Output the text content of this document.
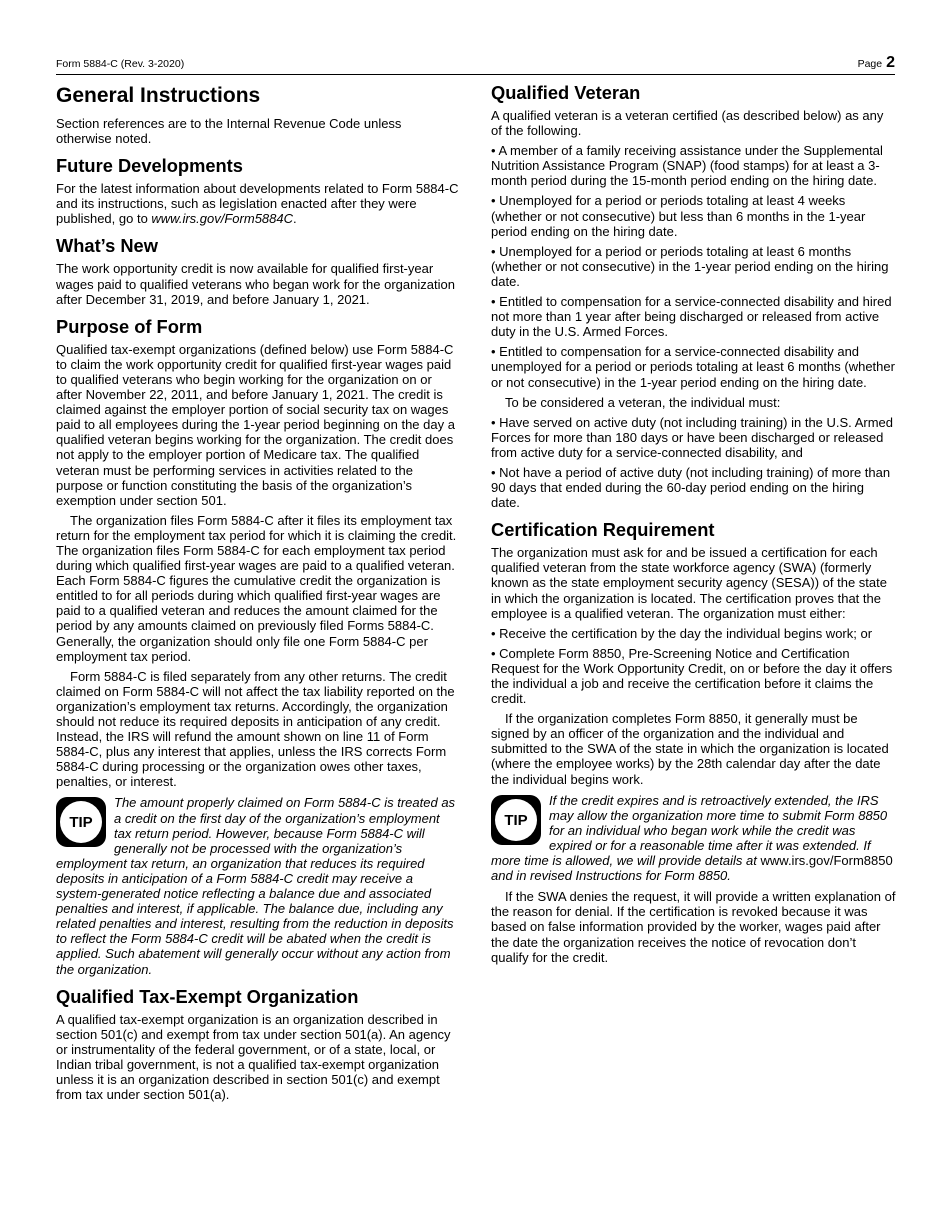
Form 5884-C (Rev. 3-2020)	Page 2
General Instructions

Section references are to the Internal Revenue Code unless otherwise noted.

Future Developments

For the latest information about developments related to Form 5884-C and its instructions, such as legislation enacted after they were published, go to www.irs.gov/Form5884C.

What’s New

The work opportunity credit is now available for qualified first-year wages paid to qualified veterans who began work for the organization after December 31, 2019, and before January 1, 2021.

Purpose of Form

Qualified tax-exempt organizations (defined below) use Form 5884-C to claim the work opportunity credit for qualified first-year wages paid to qualified veterans who begin working for the organization on or after November 22, 2011, and before January 1, 2021. The credit is claimed against the employer portion of social security tax on wages paid to all employees during the 1-year period beginning on the day a qualified veteran begins working for the organization. The credit does not apply to the employer portion of Medicare tax. The qualified veteran must be performing services in activities related to the purpose or function constituting the basis of the organization’s exemption under section 501.

The organization files Form 5884-C after it files its employment tax return for the employment tax period for which it is claiming the credit. The organization files Form 5884-C for each employment tax period during which qualified first-year wages are paid to a qualified veteran. Each Form 5884-C figures the cumulative credit the organization is entitled to for all periods during which qualified first-year wages are paid to a qualified veteran and reduces the amount claimed for the period by any amounts claimed on previously filed Forms 5884-C. Generally, the organization should only file one Form 5884-C per employment tax period.

Form 5884-C is filed separately from any other returns. The credit claimed on Form 5884-C will not affect the tax liability reported on the organization’s employment tax returns. Accordingly, the organization should not reduce its required deposits in anticipation of any credit. Instead, the IRS will refund the amount shown on line 11 of Form 5884-C, plus any interest that applies, unless the IRS corrects Form 5884-C during processing or the organization owes other taxes, penalties, or interest.

TIP

The amount properly claimed on Form 5884-C is treated as a credit on the first day of the organization’s employment tax return period. However, because Form 5884-C will generally not be processed with the organization’s employment tax return, an organization that reduces its required deposits in anticipation of a Form 5884-C credit may receive a system-generated notice reflecting a balance due and associated penalties and interest, if applicable. The balance due, including any related penalties and interest, resulting from the reduction in deposits to reflect the Form 5884-C credit will be abated when the credit is applied. Such abatement will generally occur without any action from the organization.

Qualified Tax-Exempt Organization

A qualified tax-exempt organization is an organization described in section 501(c) and exempt from tax under section 501(a). An agency or instrumentality of the federal government, or of a state, local, or Indian tribal government, is not a qualified tax-exempt organization unless it is an organization described in section 501(c) and exempt from tax under section 501(a).

Qualified Veteran

A qualified veteran is a veteran certified (as described below) as any of the following.

• A member of a family receiving assistance under the Supplemental Nutrition Assistance Program (SNAP) (food stamps) for at least a 3-month period during the 15-month period ending on the hiring date.

• Unemployed for a period or periods totaling at least 4 weeks (whether or not consecutive) but less than 6 months in the 1-year period ending on the hiring date.

• Unemployed for a period or periods totaling at least 6 months (whether or not consecutive) in the 1-year period ending on the hiring date.

• Entitled to compensation for a service-connected disability and hired not more than 1 year after being discharged or released from active duty in the U.S. Armed Forces.

• Entitled to compensation for a service-connected disability and unemployed for a period or periods totaling at least 6 months (whether or not consecutive) in the 1-year period ending on the hiring date.

To be considered a veteran, the individual must:

• Have served on active duty (not including training) in the U.S. Armed Forces for more than 180 days or have been discharged or released from active duty for a service-connected disability, and

• Not have a period of active duty (not including training) of more than 90 days that ended during the 60-day period ending on the hiring date.

Certification Requirement

The organization must ask for and be issued a certification for each qualified veteran from the state workforce agency (SWA) (formerly known as the state employment security agency (SESA)) of the state in which the organization is located. The certification proves that the employee is a qualified veteran. The organization must either:

• Receive the certification by the day the individual begins work; or

• Complete Form 8850, Pre-Screening Notice and Certification Request for the Work Opportunity Credit, on or before the day it offers the individual a job and receive the certification before it claims the credit.

If the organization completes Form 8850, it generally must be signed by an officer of the organization and the individual and submitted to the SWA of the state in which the organization is located (where the employee works) by the 28th calendar day after the date the individual begins work.

TIP

If the credit expires and is retroactively extended, the IRS may allow the organization more time to submit Form 8850 for an individual who began work while the credit was expired or for a reasonable time after it was extended. If more time is allowed, we will provide details at www.irs.gov/Form8850 and in revised Instructions for Form 8850.

If the SWA denies the request, it will provide a written explanation of the reason for denial. If the certification is revoked because it was based on false information provided by the worker, wages paid after the date the organization receives the notice of revocation don’t qualify for the credit.
